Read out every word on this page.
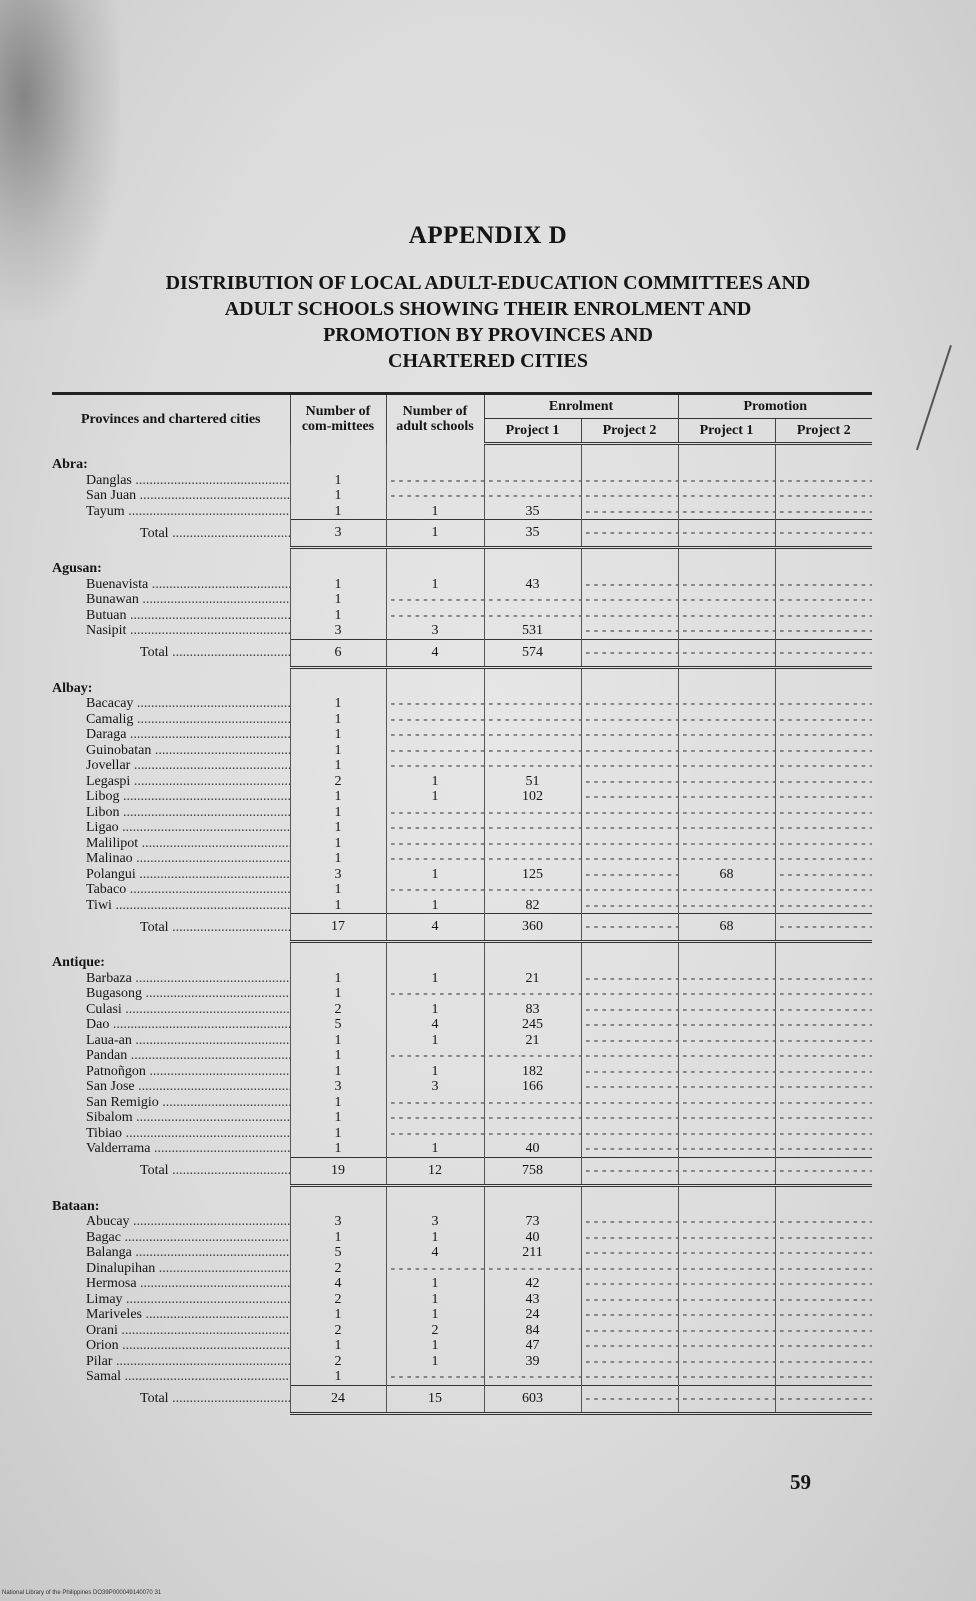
APPENDIX D
DISTRIBUTION OF LOCAL ADULT-EDUCATION COMMITTEES AND
ADULT SCHOOLS SHOWING THEIR ENROLMENT AND
PROMOTION BY PROVINCES AND
CHARTERED CITIES
Provinces and chartered cities	Number of com-mittees	Number of adult schools	Enrolment		Promotion	
			Project 1	Project 2	Project 1	Project 2

Abra:						
Danglas .....	1	- - -	- - -	- - -	- - -	- - -
San Juan .....	1	- - -	- - -	- - -	- - -	- - -
Tayum .....	1	1	35	- - -	- - -	- - -
Total .....	3	1	35	- - -	- - -	- - -

Agusan:						
Buenavista .....	1	1	43	- - -	- - -	- - -
Bunawan .....	1	- - -	- - -	- - -	- - -	- - -
Butuan .....	1	- - -	- - -	- - -	- - -	- - -
Nasipit .....	3	3	531	- - -	- - -	- - -
Total .....	6	4	574	- - -	- - -	- - -

Albay:						
Bacacay .....	1	- - -	- - -	- - -	- - -	- - -
Camalig .....	1	- - -	- - -	- - -	- - -	- - -
Daraga .....	1	- - -	- - -	- - -	- - -	- - -
Guinobatan .....	1	- - -	- - -	- - -	- - -	- - -
Jovellar .....	1	- - -	- - -	- - -	- - -	- - -
Legaspi .....	2	1	51	- - -	- - -	- - -
Libog .....	1	1	102	- - -	- - -	- - -
Libon .....	1	- - -	- - -	- - -	- - -	- - -
Ligao .....	1	- - -	- - -	- - -	- - -	- - -
Malilipot .....	1	- - -	- - -	- - -	- - -	- - -
Malinao .....	1	- - -	- - -	- - -	- - -	- - -
Polangui .....	3	1	125	- - -	68	- - -
Tabaco .....	1	- - -	- - -	- - -	- - -	- - -
Tiwi .....	1	1	82	- - -	- - -	- - -
Total .....	17	4	360	- - -	68	- - -

Antique:						
Barbaza .....	1	1	21	- - -	- - -	- - -
Bugasong .....	1	- - -	- - -	- - -	- - -	- - -
Culasi .....	2	1	83	- - -	- - -	- - -
Dao .....	5	4	245	- - -	- - -	- - -
Laua-an .....	1	1	21	- - -	- - -	- - -
Pandan .....	1	- - -	- - -	- - -	- - -	- - -
Patnoñgon .....	1	1	182	- - -	- - -	- - -
San Jose .....	3	3	166	- - -	- - -	- - -
San Remigio .....	1	- - -	- - -	- - -	- - -	- - -
Sibalom .....	1	- - -	- - -	- - -	- - -	- - -
Tibiao .....	1	- - -	- - -	- - -	- - -	- - -
Valderrama .....	1	1	40	- - -	- - -	- - -
Total .....	19	12	758	- - -	- - -	- - -

Bataan:						
Abucay .....	3	3	73	- - -	- - -	- - -
Bagac .....	1	1	40	- - -	- - -	- - -
Balanga .....	5	4	211	- - -	- - -	- - -
Dinalupihan .....	2	- - -	- - -	- - -	- - -	- - -
Hermosa .....	4	1	42	- - -	- - -	- - -
Limay .....	2	1	43	- - -	- - -	- - -
Mariveles .....	1	1	24	- - -	- - -	- - -
Orani .....	2	2	84	- - -	- - -	- - -
Orion .....	1	1	47	- - -	- - -	- - -
Pilar .....	2	1	39	- - -	- - -	- - -
Samal .....	1	- - -	- - -	- - -	- - -	- - -
Total .....	24	15	603	- - -	- - -	- - -
59
National Library of the Philippines DO39P000049140070 31
